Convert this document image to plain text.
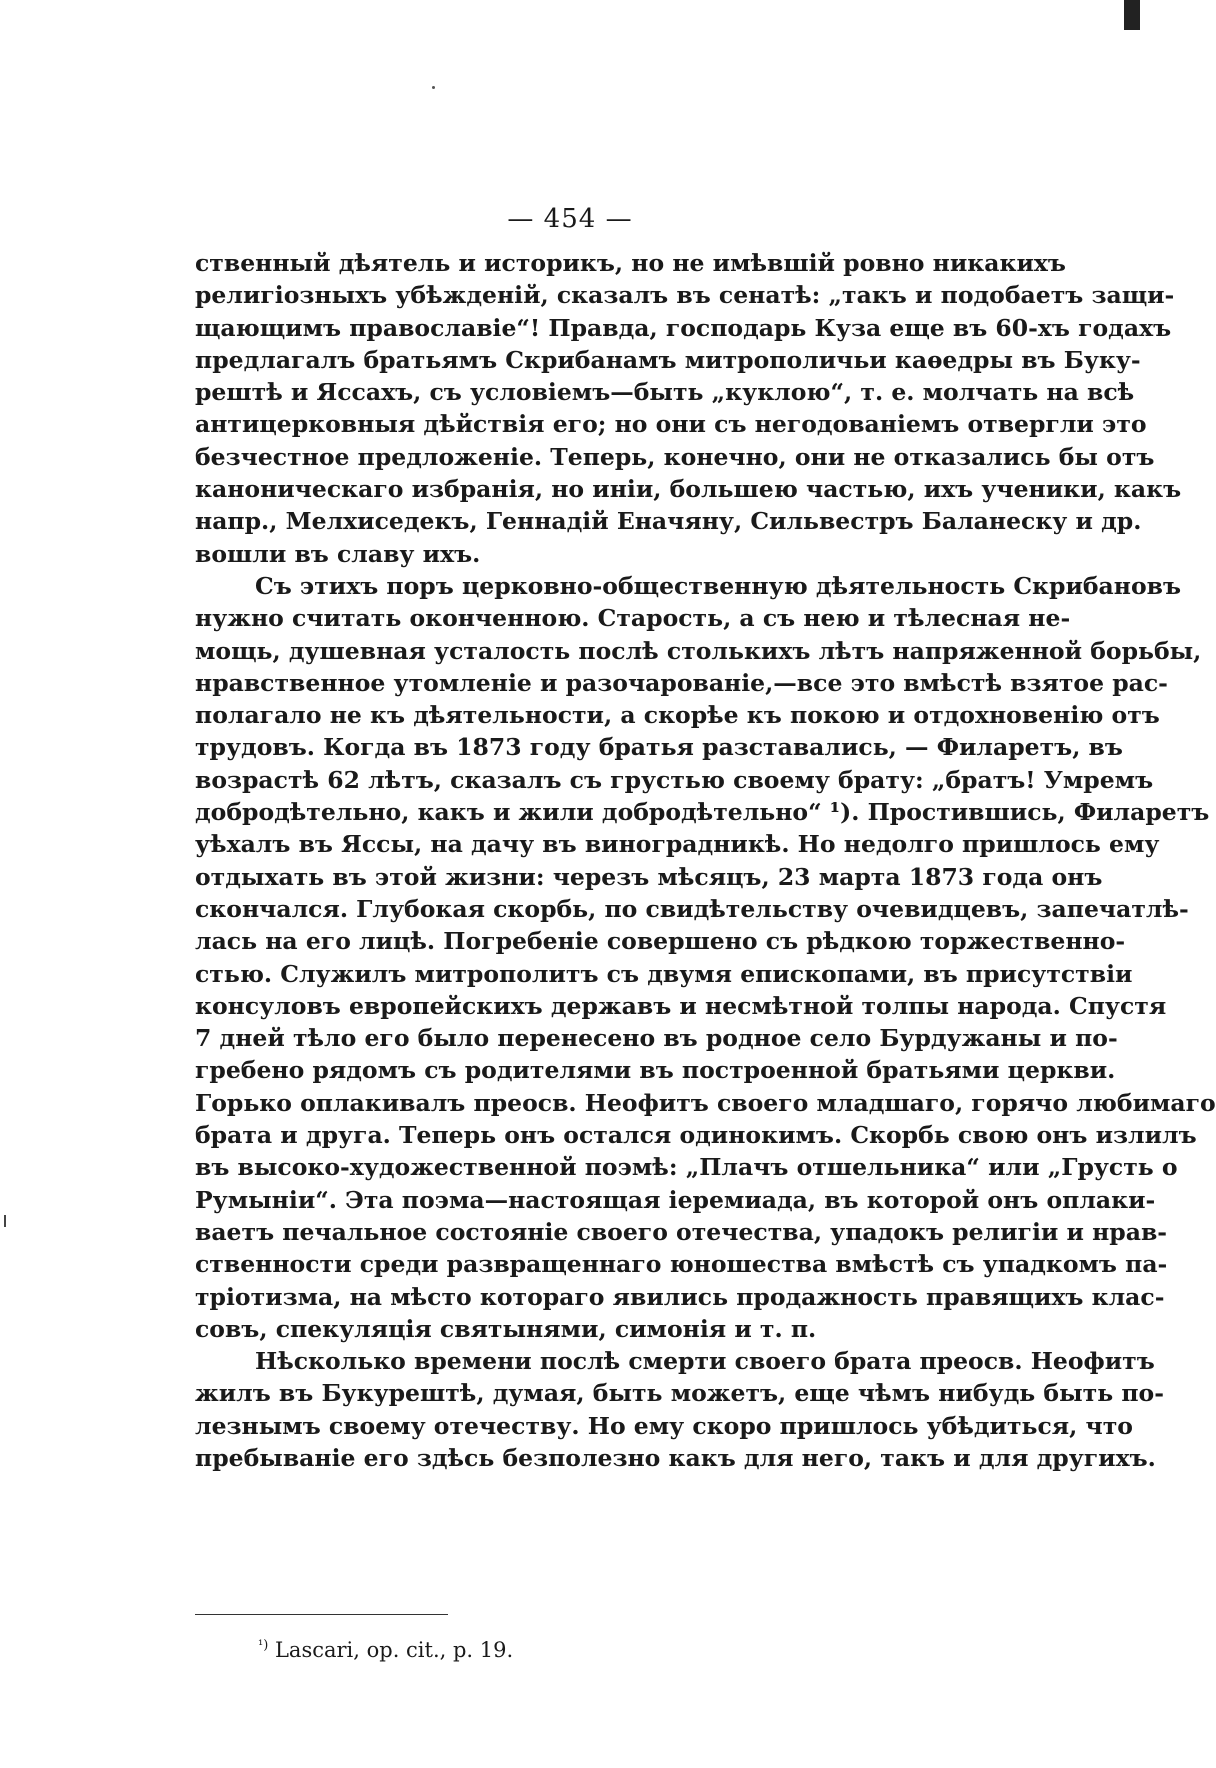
— 454 —
ственный дѣятель и историкъ, но не имѣвшій ровно никакихъ
религіозныхъ убѣжденій, сказалъ въ сенатѣ: „такъ и подобаетъ защи-
щающимъ православіе“! Правда, господарь Куза еще въ 60-хъ годахъ
предлагалъ братьямъ Скрибанамъ митрополичьи каѳедры въ Буку-
рештѣ и Яссахъ, съ условіемъ—быть „куклою“, т. е. молчать на всѣ
антицерковныя дѣйствія его; но они съ негодованіемъ отвергли это
безчестное предложеніе. Теперь, конечно, они не отказались бы отъ
каноническаго избранія, но иніи, большею частью, ихъ ученики, какъ
напр., Мелхиседекъ, Геннадій Еначяну, Сильвестръ Баланеску и др.
вошли въ славу ихъ.
Съ этихъ поръ церковно-общественную дѣятельность Скрибановъ
нужно считать оконченною. Старость, а съ нею и тѣлесная не-
мощь, душевная усталость послѣ столькихъ лѣтъ напряженной борьбы,
нравственное утомленіе и разочарованіе,—все это вмѣстѣ взятое рас-
полагало не къ дѣятельности, а скорѣе къ покою и отдохновенію отъ
трудовъ. Когда въ 1873 году братья разставались, — Филаретъ, въ
возрастѣ 62 лѣтъ, сказалъ съ грустью своему брату: „братъ! Умремъ
добродѣтельно, какъ и жили добродѣтельно“ ¹). Простившись, Филаретъ
уѣхалъ въ Яссы, на дачу въ виноградникѣ. Но недолго пришлось ему
отдыхать въ этой жизни: черезъ мѣсяцъ, 23 марта 1873 года онъ
скончался. Глубокая скорбь, по свидѣтельству очевидцевъ, запечатлѣ-
лась на его лицѣ. Погребеніе совершено съ рѣдкою торжественно-
стью. Служилъ митрополитъ съ двумя епископами, въ присутствіи
консуловъ европейскихъ державъ и несмѣтной толпы народа. Спустя
7 дней тѣло его было перенесено въ родное село Бурдужаны и по-
гребено рядомъ съ родителями въ построенной братьями церкви.
Горько оплакивалъ преосв. Неофитъ своего младшаго, горячо любимаго
брата и друга. Теперь онъ остался одинокимъ. Скорбь свою онъ излилъ
въ высоко-художественной поэмѣ: „Плачъ отшельника“ или „Грусть о
Румыніи“. Эта поэма—настоящая іеремиада, въ которой онъ оплаки-
ваетъ печальное состояніе своего отечества, упадокъ религіи и нрав-
ственности среди развращеннаго юношества вмѣстѣ съ упадкомъ па-
тріотизма, на мѣсто котораго явились продажность правящихъ клас-
совъ, спекуляція святынями, симонія и т. п.
Нѣсколько времени послѣ смерти своего брата преосв. Неофитъ
жилъ въ Букурештѣ, думая, быть можетъ, еще чѣмъ нибудь быть по-
лезнымъ своему отечеству. Но ему скоро пришлось убѣдиться, что
пребываніе его здѣсь безполезно какъ для него, такъ и для другихъ.
$^{^1)}$ Lascari, op. cit., p. 19.
